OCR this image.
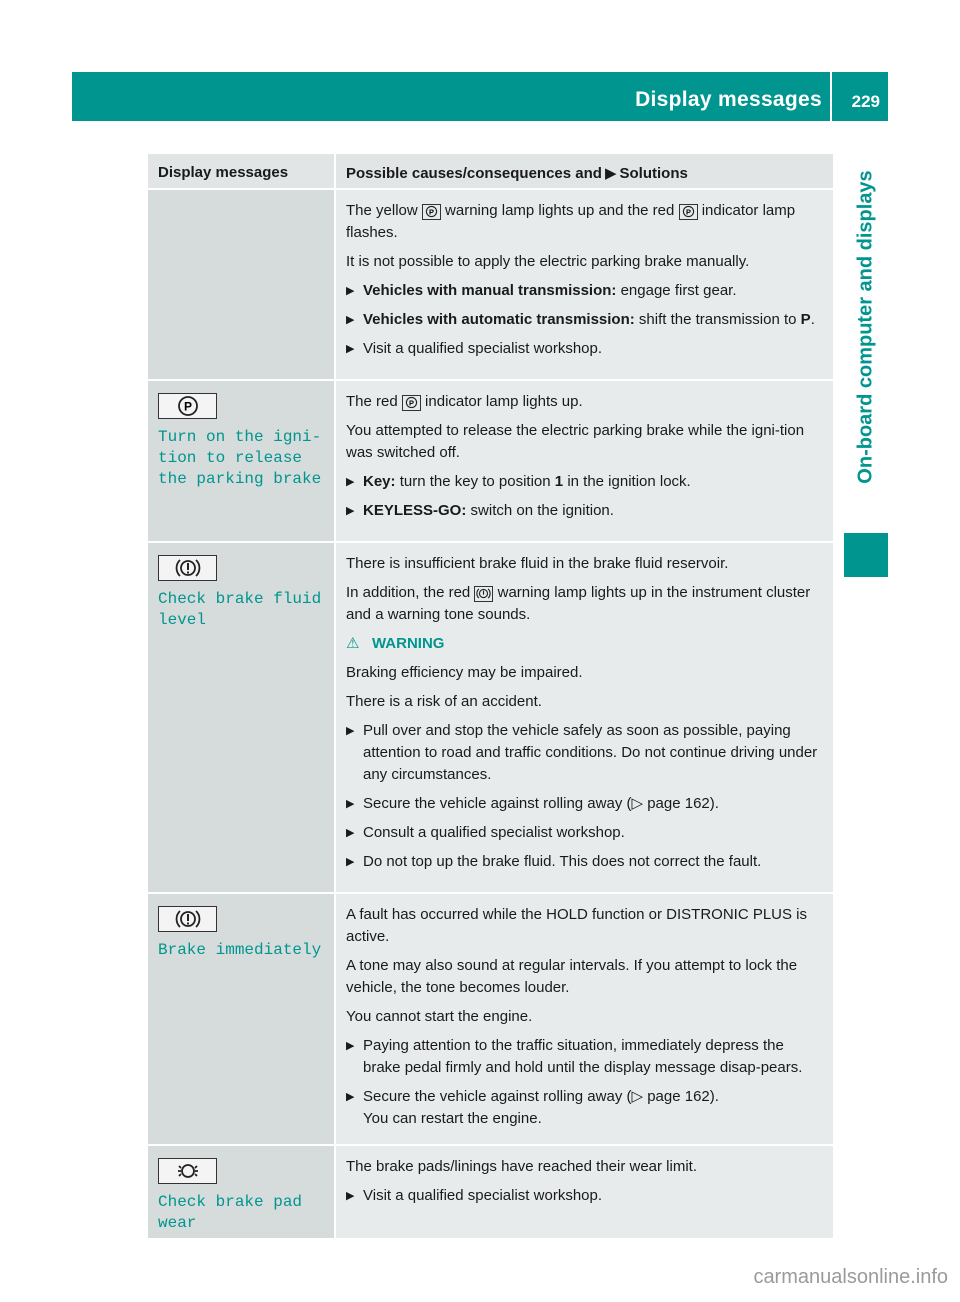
Display messages 229
On-board computer and displays
Display messages	Possible causes/consequences and ▶ Solutions

The yellow P warning lamp lights up and the red P indicator lamp flashes.

It is not possible to apply the electric parking brake manually.

▶ Vehicles with manual transmission: engage first gear.

▶ Vehicles with automatic transmission: shift the transmission to P.

▶ Visit a qualified specialist workshop.

P
Turn on the igni‐
tion to release
the parking brake

The red P indicator lamp lights up.

You attempted to release the electric parking brake while the igni‐tion was switched off.

▶ Key: turn the key to position 1 in the ignition lock.

▶ KEYLESS-GO: switch on the ignition.

Check brake fluid
level

There is insufficient brake fluid in the brake fluid reservoir.

In addition, the red warning lamp lights up in the instrument cluster and a warning tone sounds.

⚠ WARNING

Braking efficiency may be impaired.

There is a risk of an accident.

▶ Pull over and stop the vehicle safely as soon as possible, paying attention to road and traffic conditions. Do not continue driving under any circumstances.

▶ Secure the vehicle against rolling away (▷ page 162).

▶ Consult a qualified specialist workshop.

▶ Do not top up the brake fluid. This does not correct the fault.

Brake immediately

A fault has occurred while the HOLD function or DISTRONIC PLUS is active.

A tone may also sound at regular intervals. If you attempt to lock the vehicle, the tone becomes louder.

You cannot start the engine.

▶ Paying attention to the traffic situation, immediately depress the brake pedal firmly and hold until the display message disap‐pears.

▶ Secure the vehicle against rolling away (▷ page 162).
You can restart the engine.

Check brake pad
wear

The brake pads/linings have reached their wear limit.

▶ Visit a qualified specialist workshop.

carmanualsonline.info
